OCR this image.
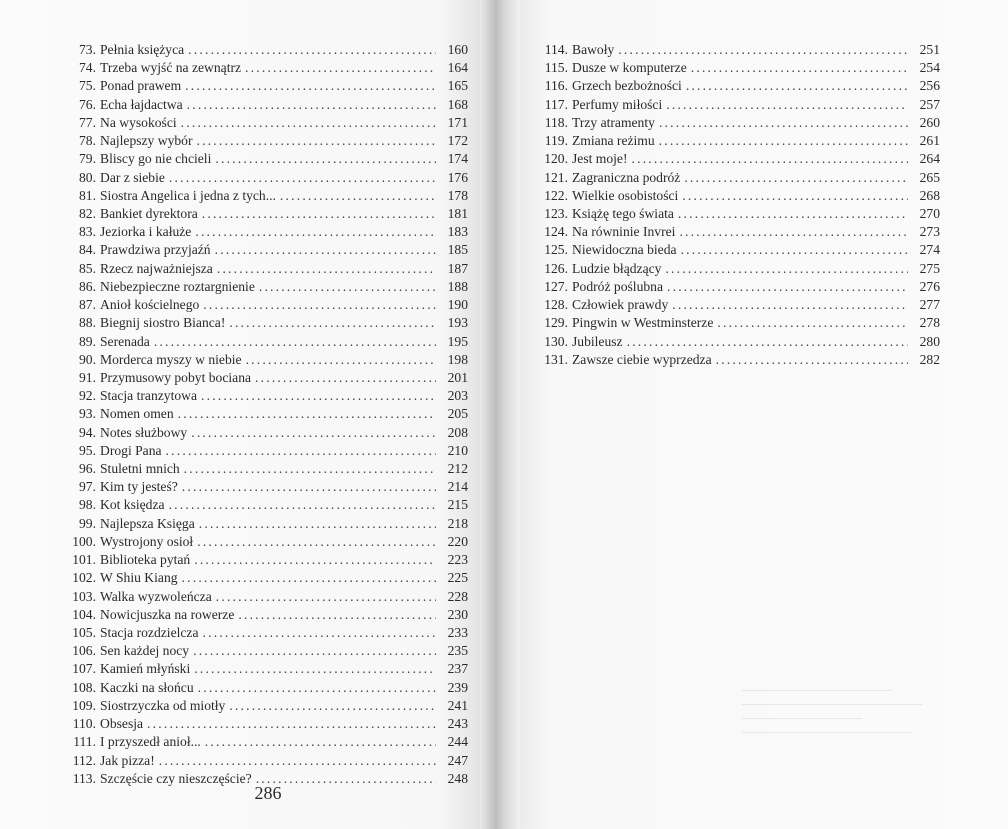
73. Pełnia księżyca .....	160
74. Trzeba wyjść na zewnątrz .....	164
75. Ponad prawem .....	165
76. Echa łajdactwa .....	168
77. Na wysokości .....	171
78. Najlepszy wybór .....	172
79. Bliscy go nie chcieli .....	174
80. Dar z siebie .....	176
81. Siostra Angelica i jedna z tych... .....	178
82. Bankiet dyrektora .....	181
83. Jeziorka i kałuże .....	183
84. Prawdziwa przyjaźń .....	185
85. Rzecz najważniejsza .....	187
86. Niebezpieczne roztargnienie .....	188
87. Anioł kościelnego .....	190
88. Biegnij siostro Bianca! .....	193
89. Serenada .....	195
90. Morderca myszy w niebie .....	198
91. Przymusowy pobyt bociana .....	201
92. Stacja tranzytowa .....	203
93. Nomen omen .....	205
94. Notes służbowy .....	208
95. Drogi Pana .....	210
96. Stuletni mnich .....	212
97. Kim ty jesteś? .....	214
98. Kot księdza .....	215
99. Najlepsza Księga .....	218
100. Wystrojony osioł .....	220
101. Biblioteka pytań .....	223
102. W Shiu Kiang .....	225
103. Walka wyzwoleńcza .....	228
104. Nowicjuszka na rowerze .....	230
105. Stacja rozdzielcza .....	233
106. Sen każdej nocy .....	235
107. Kamień młyński .....	237
108. Kaczki na słońcu .....	239
109. Siostrzyczka od miotły .....	241
110. Obsesja .....	243
111. I przyszedł anioł... .....	244
112. Jak pizza! .....	247
113. Szczęście czy nieszczęście? .....	248
114. Bawoły .....	251
115. Dusze w komputerze .....	254
116. Grzech bezbożności .....	256
117. Perfumy miłości .....	257
118. Trzy atramenty .....	260
119. Zmiana reżimu .....	261
120. Jest moje! .....	264
121. Zagraniczna podróż .....	265
122. Wielkie osobistości .....	268
123. Książę tego świata .....	270
124. Na równinie Invrei .....	273
125. Niewidoczna bieda .....	274
126. Ludzie błądzący .....	275
127. Podróż poślubna .....	276
128. Człowiek prawdy .....	277
129. Pingwin w Westminsterze .....	278
130. Jubileusz .....	280
131. Zawsze ciebie wyprzedza .....	282
286
